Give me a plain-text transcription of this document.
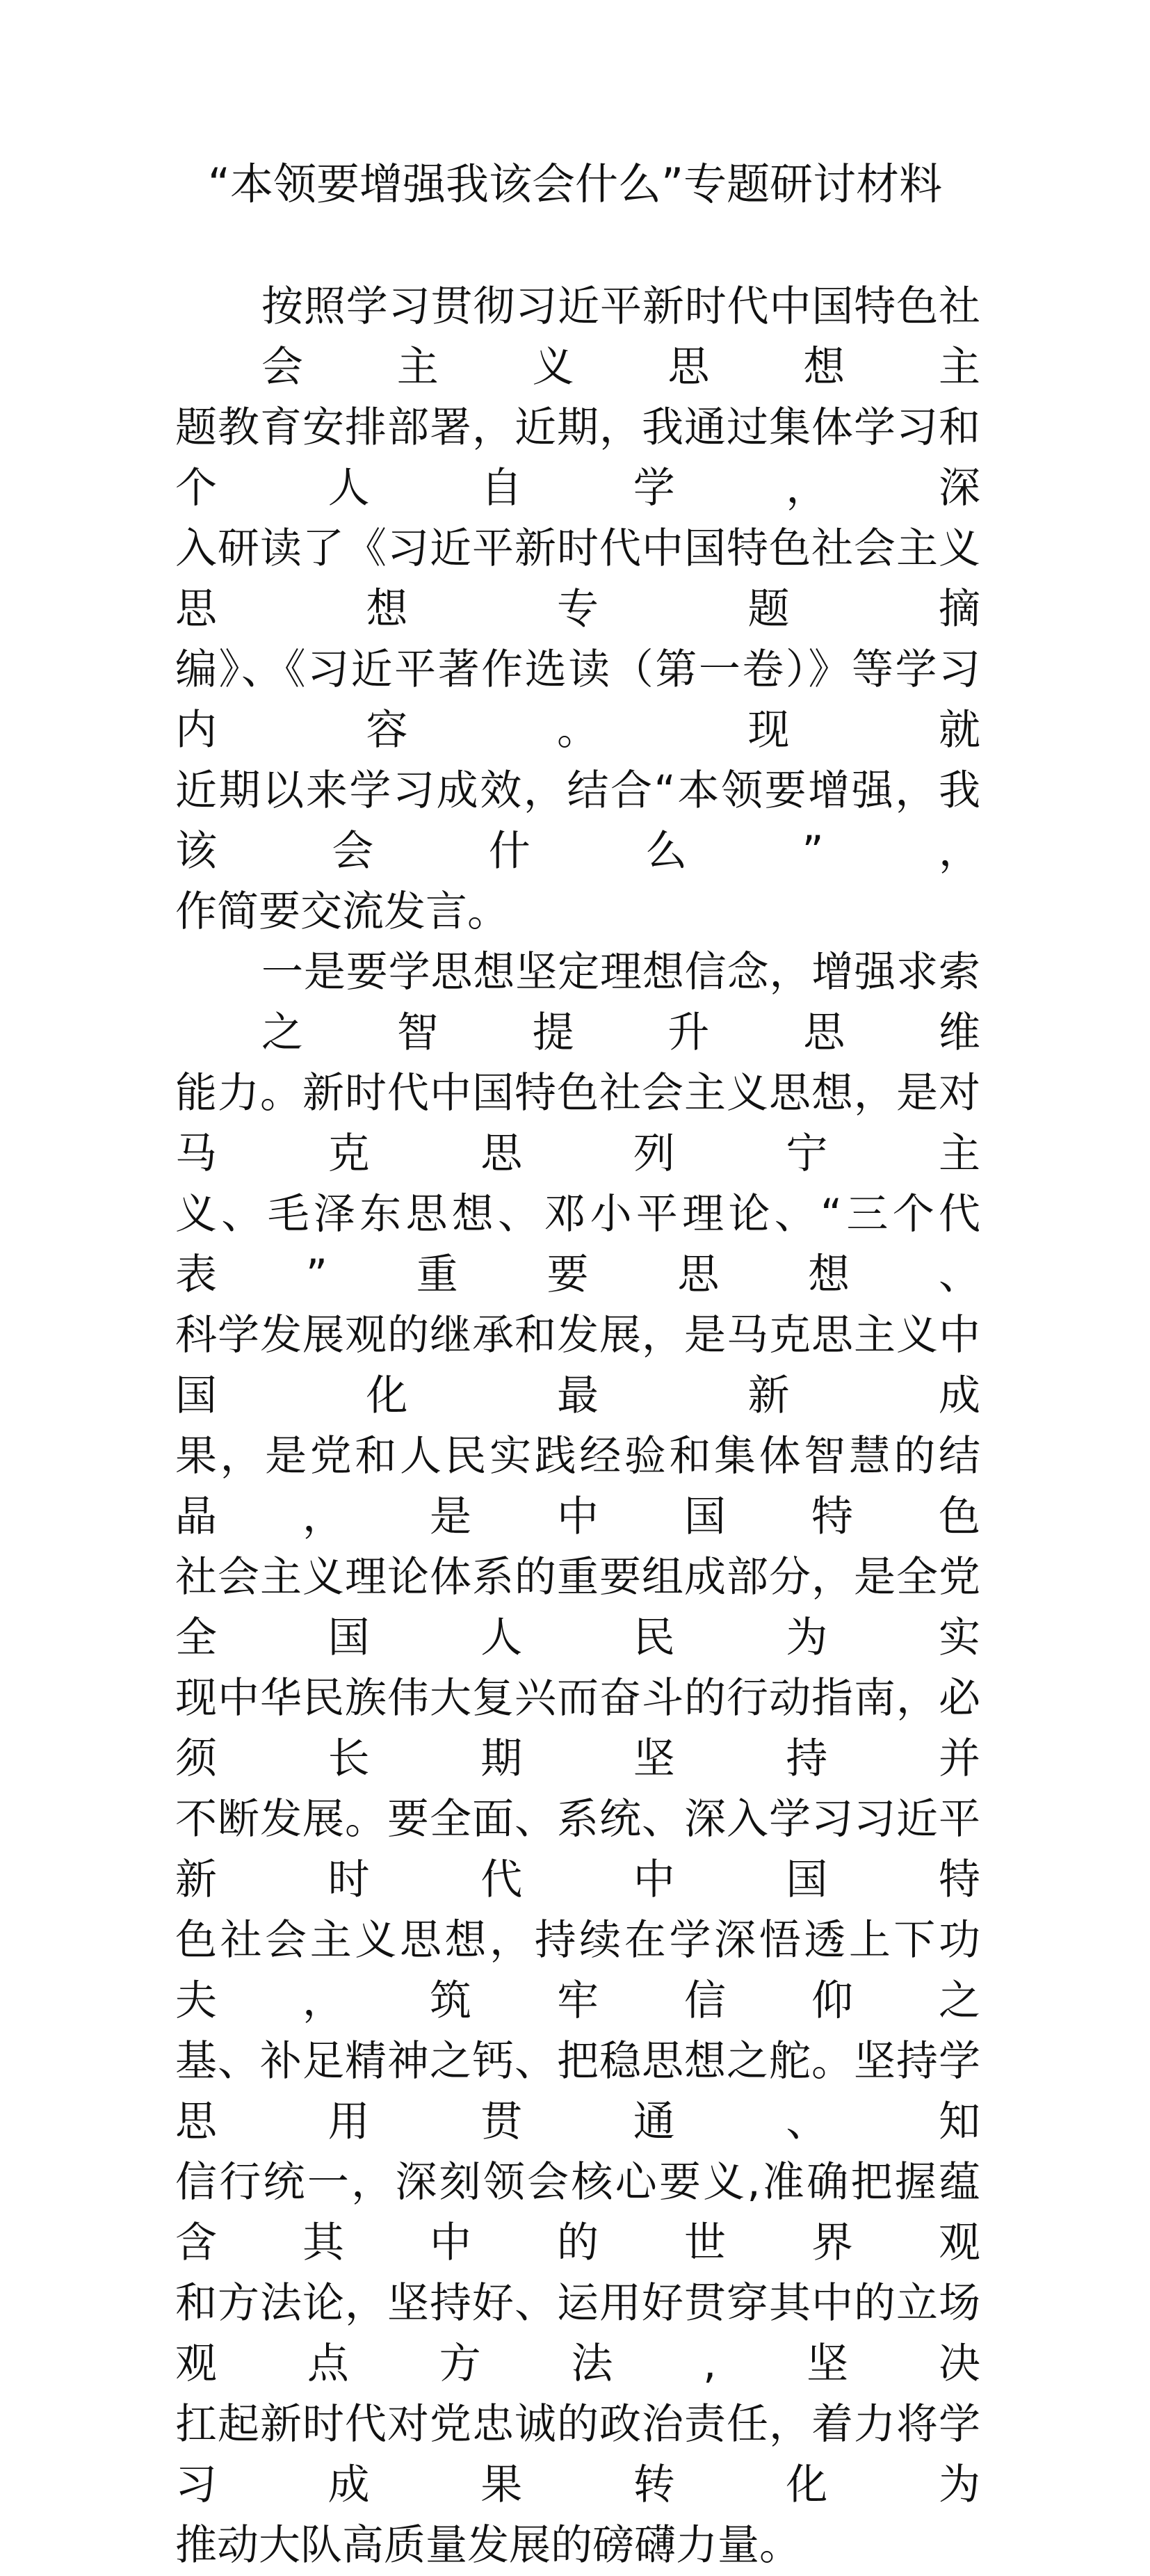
“本领要增强我该会什么”专题研讨材料
按照学习贯彻习近平新时代中国特色社会主义思想主
题教育安排部署，近期，我通过集体学习和个人自学，深
入研读了《习近平新时代中国特色社会主义思想专题摘
编》、《习近平著作选读（第一卷）》等学习内容。现就
近期以来学习成效，结合“本领要增强，我该会什么”，
作简要交流发言。
一是要学思想坚定理想信念，增强求索之智提升思维
能力。新时代中国特色社会主义思想，是对马克思列宁主
义、毛泽东思想、邓小平理论、“三个代表”重要思想、
科学发展观的继承和发展，是马克思主义中国化最新成
果，是党和人民实践经验和集体智慧的结晶，是中国特色
社会主义理论体系的重要组成部分，是全党全国人民为实
现中华民族伟大复兴而奋斗的行动指南，必须长期坚持并
不断发展。要全面、系统、深入学习习近平新时代中国特
色社会主义思想，持续在学深悟透上下功夫，筑牢信仰之
基、补足精神之钙、把稳思想之舵。坚持学思用贯通、知
信行统一，深刻领会核心要义,准确把握蕴含其中的世界观
和方法论，坚持好、运用好贯穿其中的立场观点方法,坚决
扛起新时代对党忠诚的政治责任，着力将学习成果转化为
推动大队高质量发展的磅礴力量。
